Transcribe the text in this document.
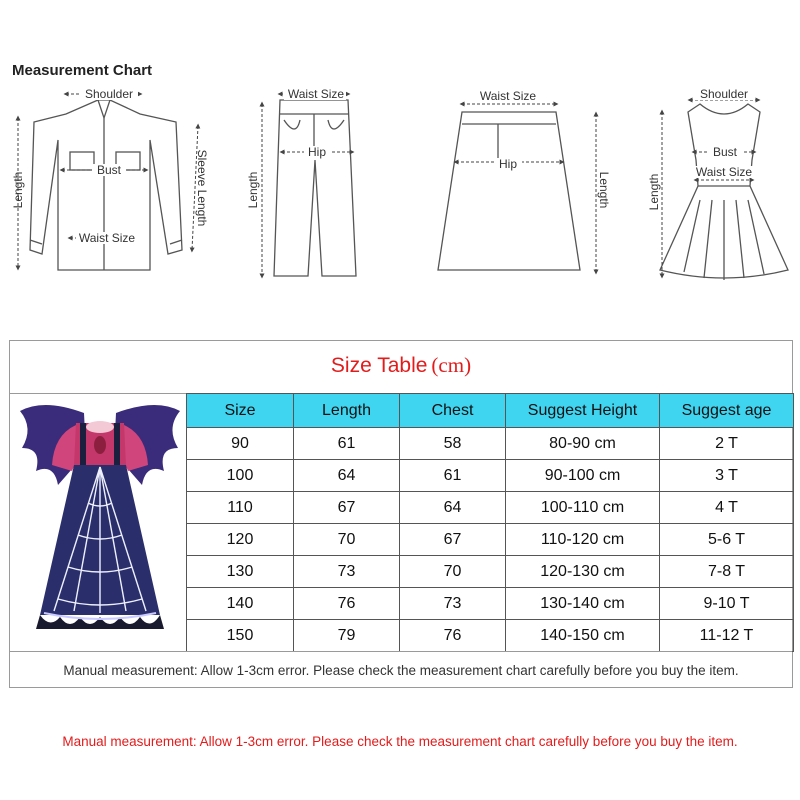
Measurement Chart
Shoulder
Bust
Waist Size
Length	Sleeve Length
Waist Size
Hip
Length
Waist Size
Hip
Length
Shoulder
Bust
Waist Size
Length
Size Table (cm)
Size	Length	Chest	Suggest Height	Suggest age
90	61	58	80-90 cm	2 T
100	64	61	90-100 cm	3 T
110	67	64	100-110 cm	4 T
120	70	67	110-120 cm	5-6 T
130	73	70	120-130 cm	7-8 T
140	76	73	130-140 cm	9-10 T
150	79	76	140-150 cm	11-12 T
Manual measurement: Allow 1-3cm error. Please check the measurement chart carefully before you buy the item.
Manual measurement: Allow 1-3cm error. Please check the measurement chart carefully before you buy the item.
